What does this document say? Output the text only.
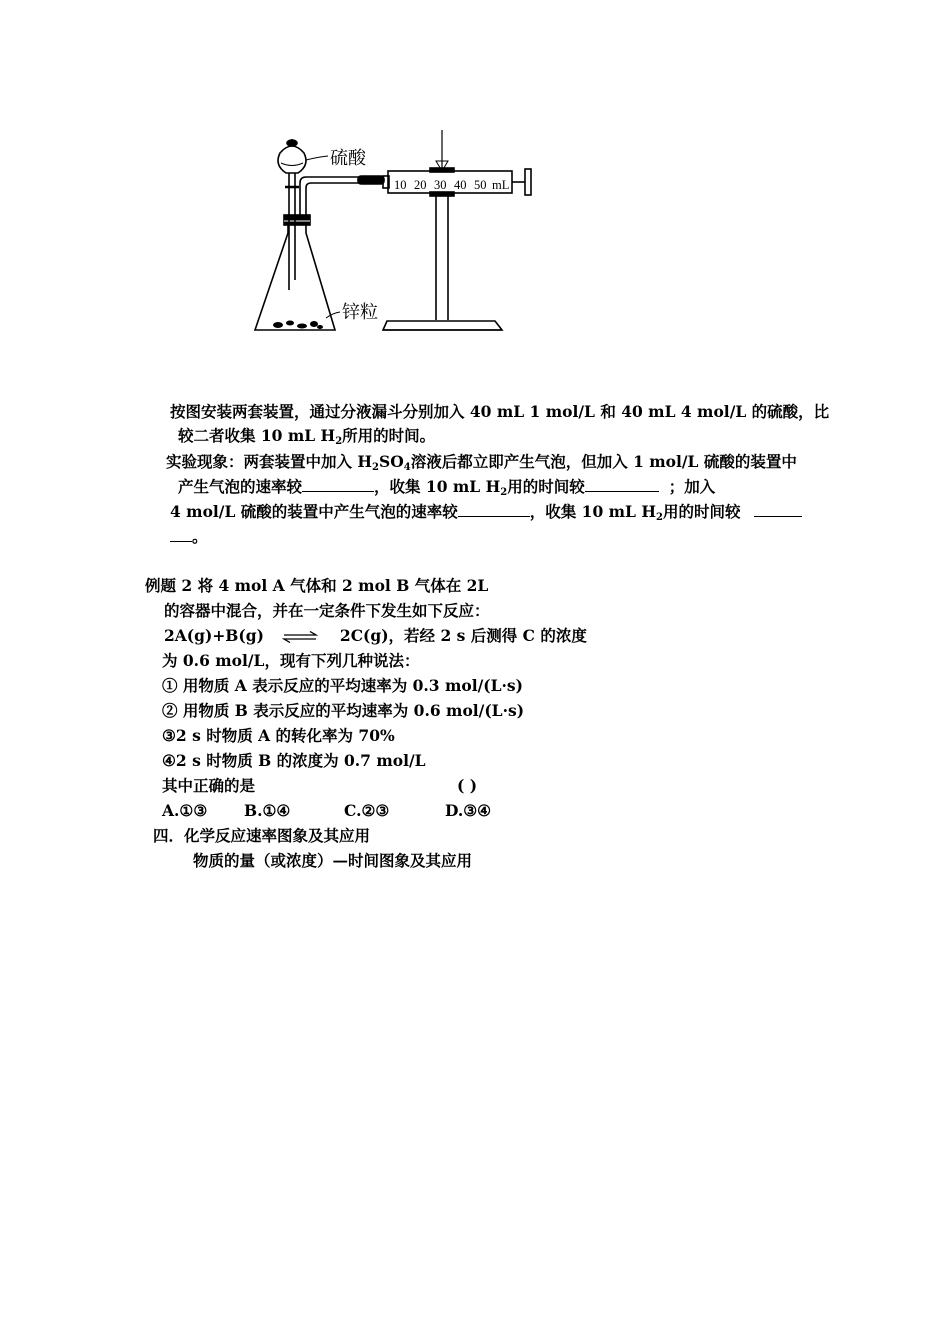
硫酸
锌粒
10 20 30 40 50 mL
按图安装两套装置，通过分液漏斗分别加入 40 mL 1 mol/L 和 40 mL 4 mol/L 的硫酸，比
较二者收集 10 mL $H_2$所用的时间。
实验现象：两套装置中加入 $H_2SO_4$溶液后都立即产生气泡，但加入 1 mol/L 硫酸的装置中
产生气泡的速率较	，收集 10 mL $H_2$用的时间较	；加入
4 mol/L 硫酸的装置中产生气泡的速率较	，收集 10 mL $H_2$用的时间较
。
例题 2 将 4 mol A 气体和 2 mol B 气体在 2L
的容器中混合，并在一定条件下发生如下反应：
2A(g)+B(g) ⇌ 2C(g)，若经 2 s 后测得 C 的浓度
为 0.6 mol/L，现有下列几种说法：
① 用物质 A 表示反应的平均速率为 0.3 mol/(L·s)
② 用物质 B 表示反应的平均速率为 0.6 mol/(L·s)
③2 s 时物质 A 的转化率为 70%
④2 s 时物质 B 的浓度为 0.7 mol/L
其中正确的是	( )
A.①③ B.①④	C.②③	D.③④
四．化学反应速率图象及其应用
物质的量（或浓度）—时间图象及其应用
